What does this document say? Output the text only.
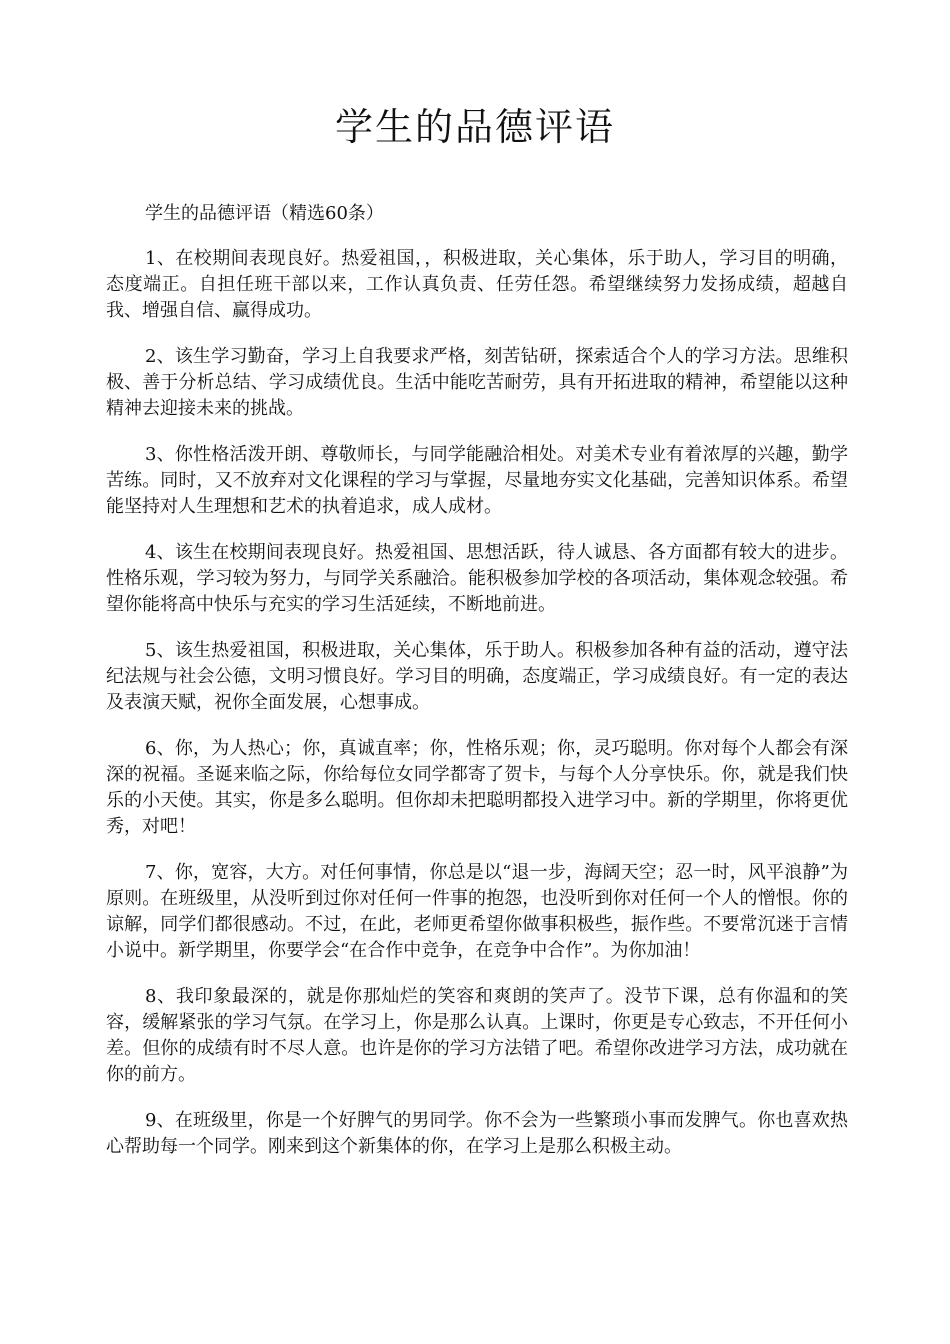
学生的品德评语

学生的品德评语（精选60条）

1、在校期间表现良好。热爱祖国，，积极进取，关心集体，乐于助人，学习目的明确，态度端正。自担任班干部以来，工作认真负责、任劳任怨。希望继续努力发扬成绩，超越自我、增强自信、赢得成功。

2、该生学习勤奋，学习上自我要求严格，刻苦钻研，探索适合个人的学习方法。思维积极、善于分析总结、学习成绩优良。生活中能吃苦耐劳，具有开拓进取的精神，希望能以这种精神去迎接未来的挑战。

3、你性格活泼开朗、尊敬师长，与同学能融洽相处。对美术专业有着浓厚的兴趣，勤学苦练。同时，又不放弃对文化课程的学习与掌握，尽量地夯实文化基础，完善知识体系。希望能坚持对人生理想和艺术的执着追求，成人成材。

4、该生在校期间表现良好。热爱祖国、思想活跃，待人诚恳、各方面都有较大的进步。性格乐观，学习较为努力，与同学关系融洽。能积极参加学校的各项活动，集体观念较强。希望你能将高中快乐与充实的学习生活延续，不断地前进。

5、该生热爱祖国，积极进取，关心集体，乐于助人。积极参加各种有益的活动，遵守法纪法规与社会公德，文明习惯良好。学习目的明确，态度端正，学习成绩良好。有一定的表达及表演天赋，祝你全面发展，心想事成。

6、你，为人热心；你，真诚直率；你，性格乐观；你，灵巧聪明。你对每个人都会有深深的祝福。圣诞来临之际，你给每位女同学都寄了贺卡，与每个人分享快乐。你，就是我们快乐的小天使。其实，你是多么聪明。但你却未把聪明都投入进学习中。新的学期里，你将更优秀，对吧！

7、你，宽容，大方。对任何事情，你总是以“退一步，海阔天空；忍一时，风平浪静”为原则。在班级里，从没听到过你对任何一件事的抱怨，也没听到你对任何一个人的憎恨。你的谅解，同学们都很感动。不过，在此，老师更希望你做事积极些，振作些。不要常沉迷于言情小说中。新学期里，你要学会“在合作中竞争，在竞争中合作”。为你加油！

8、我印象最深的，就是你那灿烂的笑容和爽朗的笑声了。没节下课，总有你温和的笑容，缓解紧张的学习气氛。在学习上，你是那么认真。上课时，你更是专心致志，不开任何小差。但你的成绩有时不尽人意。也许是你的学习方法错了吧。希望你改进学习方法，成功就在你的前方。

9、在班级里，你是一个好脾气的男同学。你不会为一些繁琐小事而发脾气。你也喜欢热心帮助每一个同学。刚来到这个新集体的你，在学习上是那么积极主动。
